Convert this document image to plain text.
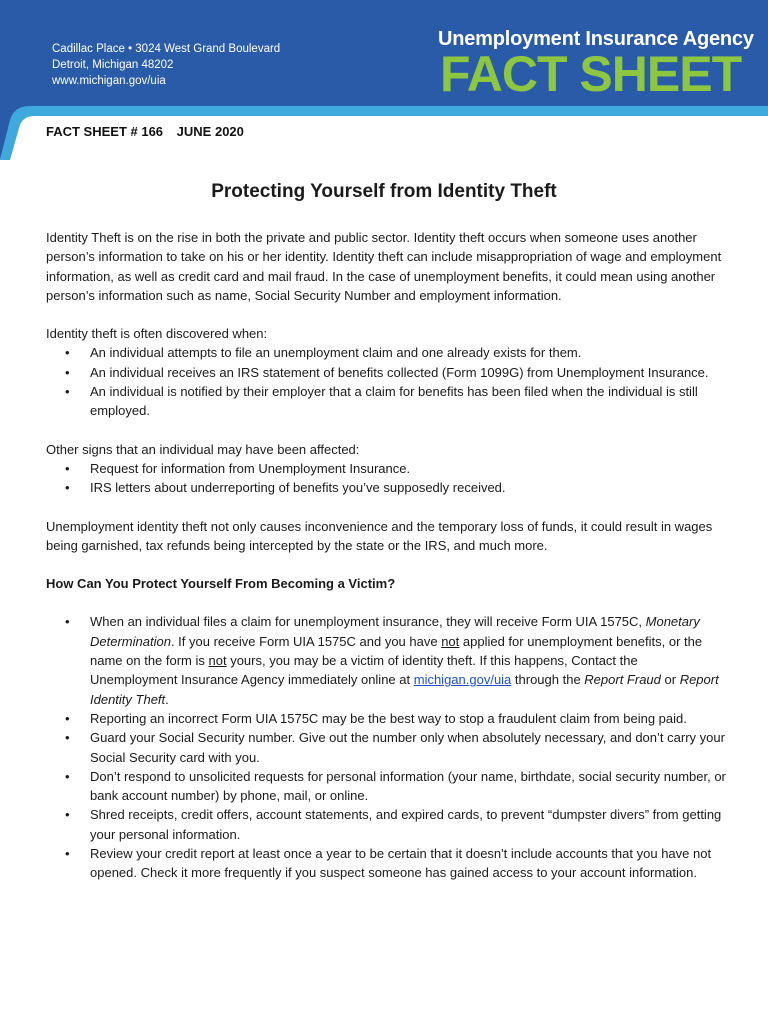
Cadillac Place • 3024 West Grand Boulevard
Detroit, Michigan 48202
www.michigan.gov/uia
Unemployment Insurance Agency
FACT SHEET
FACT SHEET # 166 JUNE 2020
Protecting Yourself from Identity Theft

Identity Theft is on the rise in both the private and public sector. Identity theft occurs when someone uses another person’s information to take on his or her identity. Identity theft can include misappropriation of wage and employment information, as well as credit card and mail fraud. In the case of unemployment benefits, it could mean using another person’s information such as name, Social Security Number and employment information.

Identity theft is often discovered when:

• An individual attempts to file an unemployment claim and one already exists for them.
• An individual receives an IRS statement of benefits collected (Form 1099G) from Unemployment Insurance.
• An individual is notified by their employer that a claim for benefits has been filed when the individual is still employed.

Other signs that an individual may have been affected:

• Request for information from Unemployment Insurance.
• IRS letters about underreporting of benefits you’ve supposedly received.

Unemployment identity theft not only causes inconvenience and the temporary loss of funds, it could result in wages being garnished, tax refunds being intercepted by the state or the IRS, and much more.

How Can You Protect Yourself From Becoming a Victim?

• When an individual files a claim for unemployment insurance, they will receive Form UIA 1575C, Monetary Determination. If you receive Form UIA 1575C and you have not applied for unemployment benefits, or the name on the form is not yours, you may be a victim of identity theft. If this happens, Contact the Unemployment Insurance Agency immediately online at michigan.gov/uia through the Report Fraud or Report Identity Theft.
• Reporting an incorrect Form UIA 1575C may be the best way to stop a fraudulent claim from being paid.
• Guard your Social Security number. Give out the number only when absolutely necessary, and don’t carry your Social Security card with you.
• Don’t respond to unsolicited requests for personal information (your name, birthdate, social security number, or bank account number) by phone, mail, or online.
• Shred receipts, credit offers, account statements, and expired cards, to prevent “dumpster divers” from getting your personal information.
• Review your credit report at least once a year to be certain that it doesn't include accounts that you have not opened. Check it more frequently if you suspect someone has gained access to your account information.
